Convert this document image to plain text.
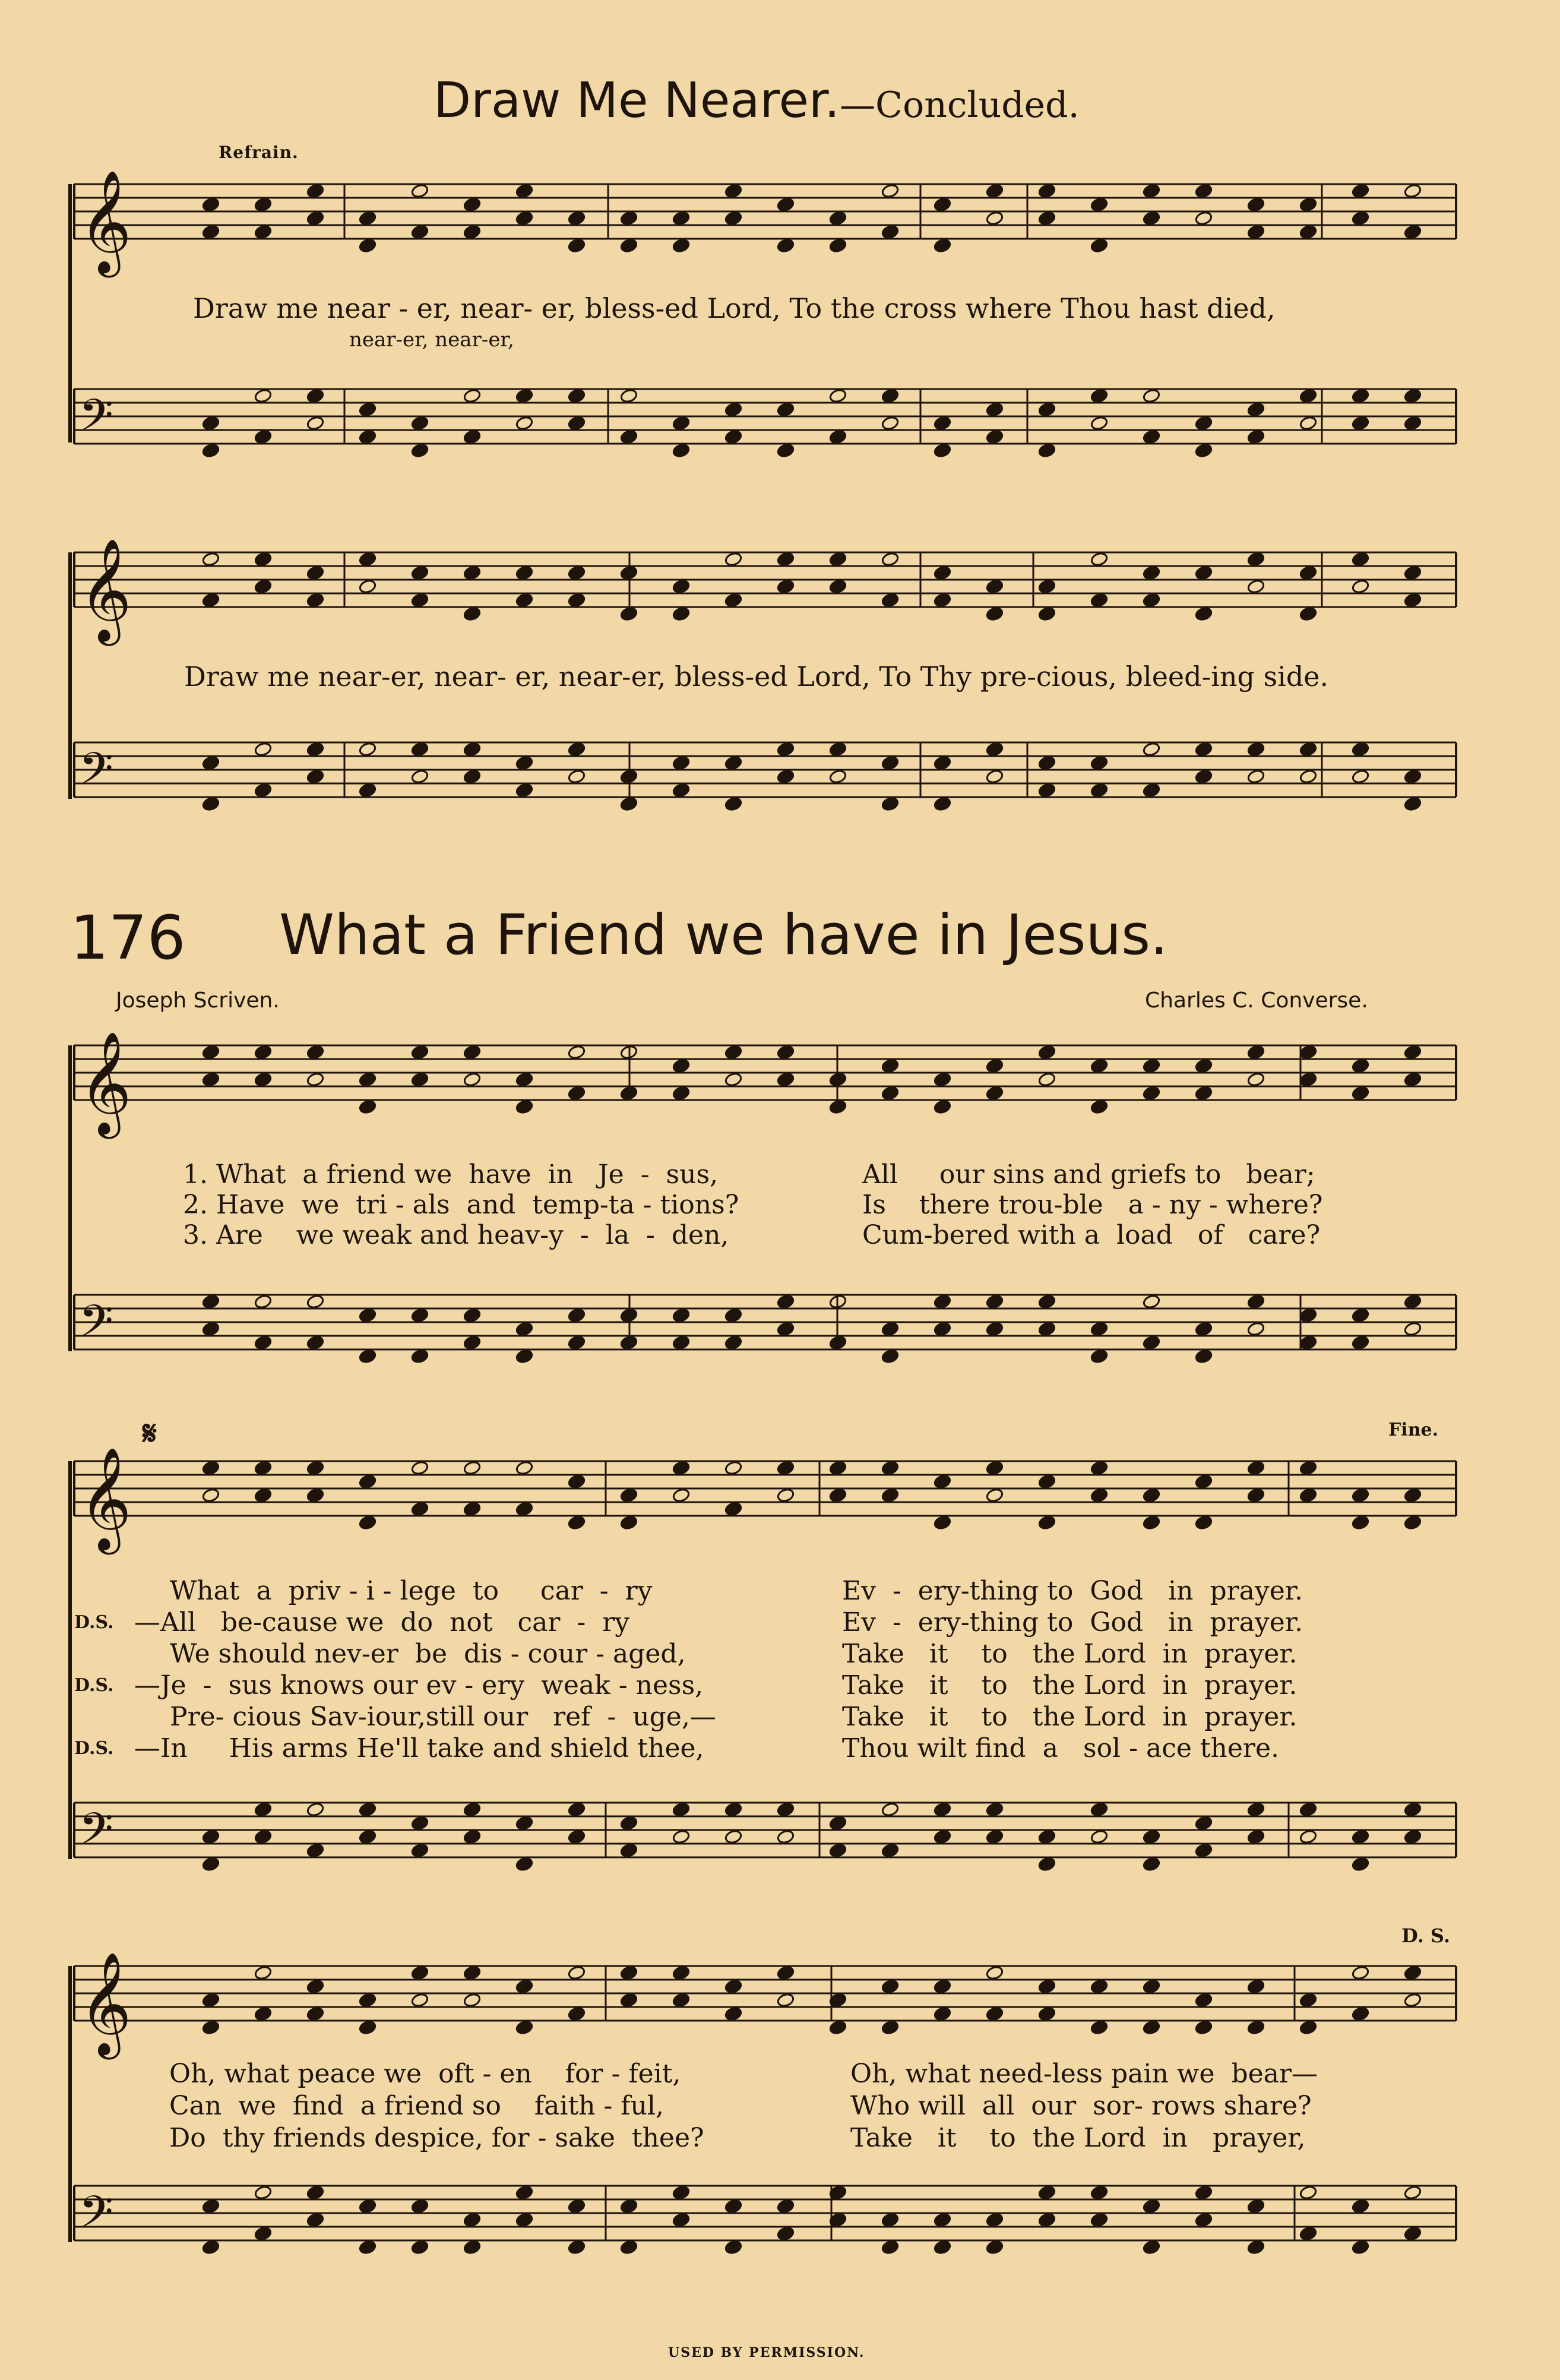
𝄞
𝄢
𝄞
𝄢
𝄞
𝄢
𝄞
𝄢
𝄞
𝄢
Draw Me Nearer.—Concluded.
Refrain.
Draw me near - er, near- er, bless-ed Lord, To the cross where Thou hast died,
near-er, near-er,
Draw me near-er, near- er, near-er, bless-ed Lord, To Thy pre-cious, bleed-ing side.
176 What a Friend we have in Jesus.
Joseph Scriven.	Charles C. Converse.
1. What  a friend we  have  in   Je  -  sus,
2. Have  we  tri - als  and  temp-ta - tions?
3. Are    we weak and heav-y  -  la  -  den,
All     our sins and griefs to   bear;
Is    there trou-ble   a - ny - where?
Cum-bered with a  load   of   care?
𝄋	Fine.

D.S.

D.S.

D.S.
What  a  priv - i - lege  to     car  -  ry
—All   be-cause we  do  not   car  -  ry
We should nev-er  be  dis - cour - aged,
—Je  -  sus knows our ev - ery  weak - ness,
Pre- cious Sav-iour,still our   ref  -  uge,—
—In     His arms He'll take and shield thee,
Ev  -  ery-thing to  God   in  prayer.
Ev  -  ery-thing to  God   in  prayer.
Take   it    to   the Lord  in  prayer.
Take   it    to   the Lord  in  prayer.
Take   it    to   the Lord  in  prayer.
Thou wilt find  a   sol - ace there.
D. S.
Oh, what peace we  oft - en    for - feit,
Can  we  find  a friend so    faith - ful,
Do  thy friends despice, for - sake  thee?
Oh, what need-less pain we  bear—
Who will  all  our  sor- rows share?
Take   it    to  the Lord  in   prayer,
USED BY PERMISSION.
